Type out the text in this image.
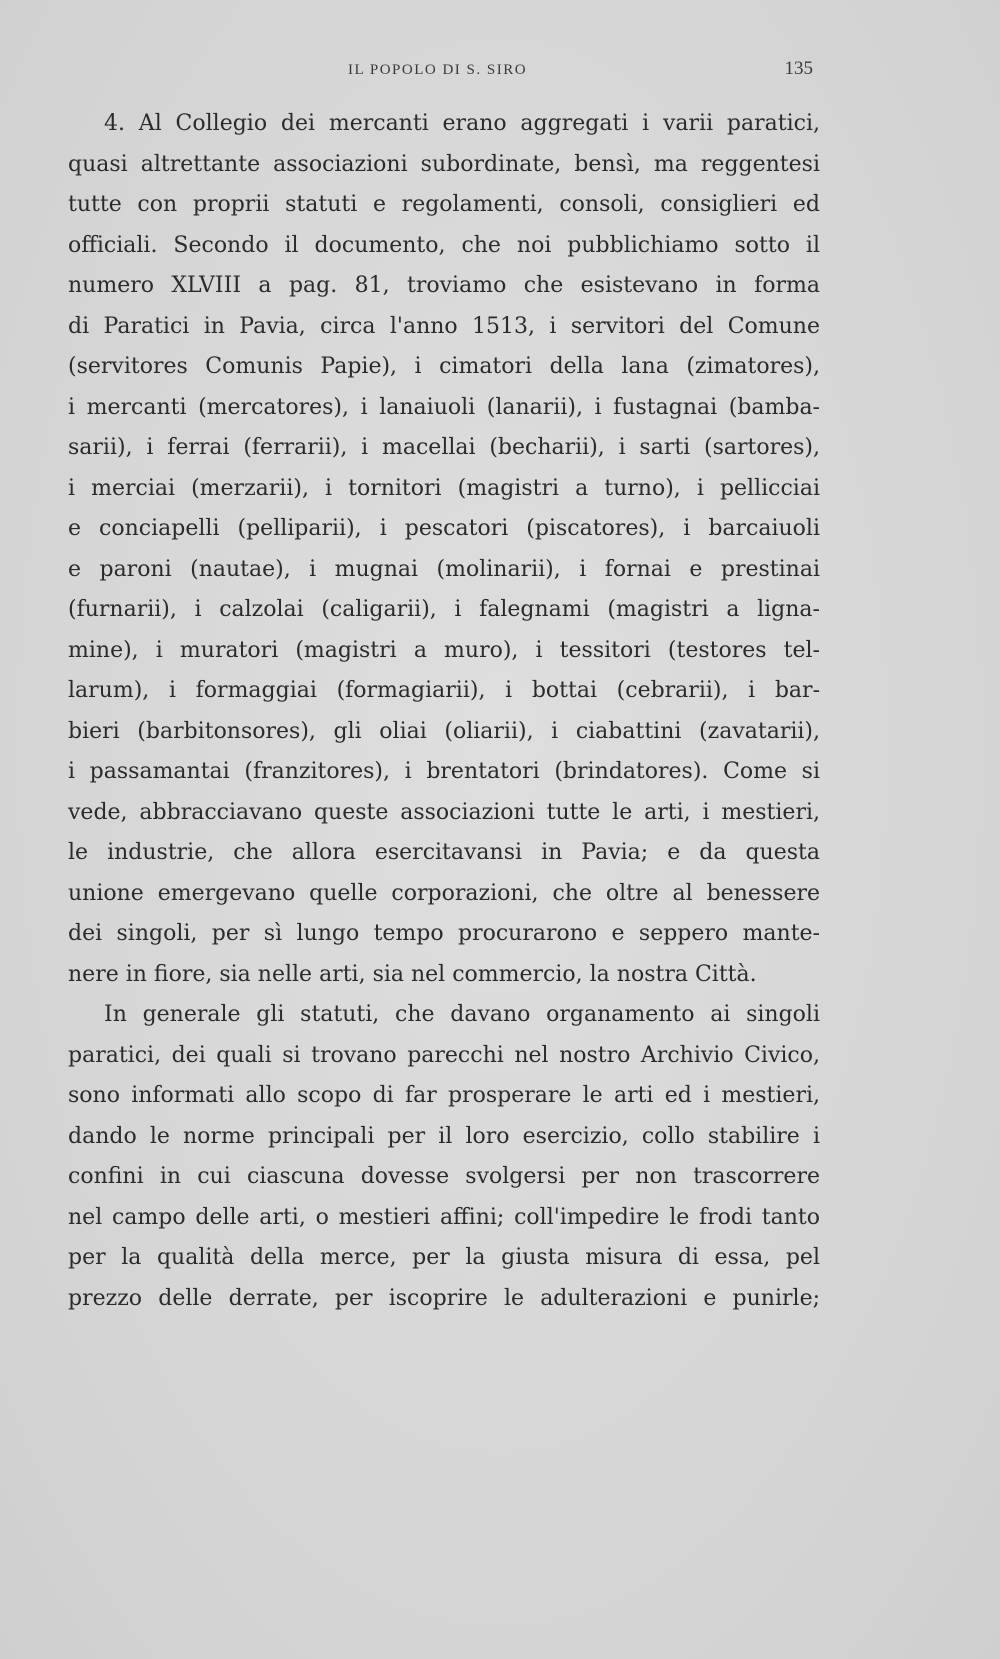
IL POPOLO DI S. SIRO	135

4. Al Collegio dei mercanti erano aggregati i varii paratici,
quasi altrettante associazioni subordinate, bensì, ma reggentesi
tutte con proprii statuti e regolamenti, consoli, consiglieri ed
officiali. Secondo il documento, che noi pubblichiamo sotto il
numero XLVIII a pag. 81, troviamo che esistevano in forma
di Paratici in Pavia, circa l'anno 1513, i servitori del Comune
(servitores Comunis Papie), i cimatori della lana (zimatores),
i mercanti (mercatores), i lanaiuoli (lanarii), i fustagnai (bamba-
sarii), i ferrai (ferrarii), i macellai (becharii), i sarti (sartores),
i merciai (merzarii), i tornitori (magistri a turno), i pellicciai
e conciapelli (pelliparii), i pescatori (piscatores), i barcaiuoli
e paroni (nautae), i mugnai (molinarii), i fornai e prestinai
(furnarii), i calzolai (caligarii), i falegnami (magistri a ligna-
mine), i muratori (magistri a muro), i tessitori (testores tel-
larum), i formaggiai (formagiarii), i bottai (cebrarii), i bar-
bieri (barbitonsores), gli oliai (oliarii), i ciabattini (zavatarii),
i passamantai (franzitores), i brentatori (brindatores). Come si
vede, abbracciavano queste associazioni tutte le arti, i mestieri,
le industrie, che allora esercitavansi in Pavia; e da questa
unione emergevano quelle corporazioni, che oltre al benessere
dei singoli, per sì lungo tempo procurarono e seppero mante-
nere in fiore, sia nelle arti, sia nel commercio, la nostra Città.

In generale gli statuti, che davano organamento ai singoli
paratici, dei quali si trovano parecchi nel nostro Archivio Civico,
sono informati allo scopo di far prosperare le arti ed i mestieri,
dando le norme principali per il loro esercizio, collo stabilire i
confini in cui ciascuna dovesse svolgersi per non trascorrere
nel campo delle arti, o mestieri affini; coll'impedire le frodi tanto
per la qualità della merce, per la giusta misura di essa, pel
prezzo delle derrate, per iscoprire le adulterazioni e punirle;
